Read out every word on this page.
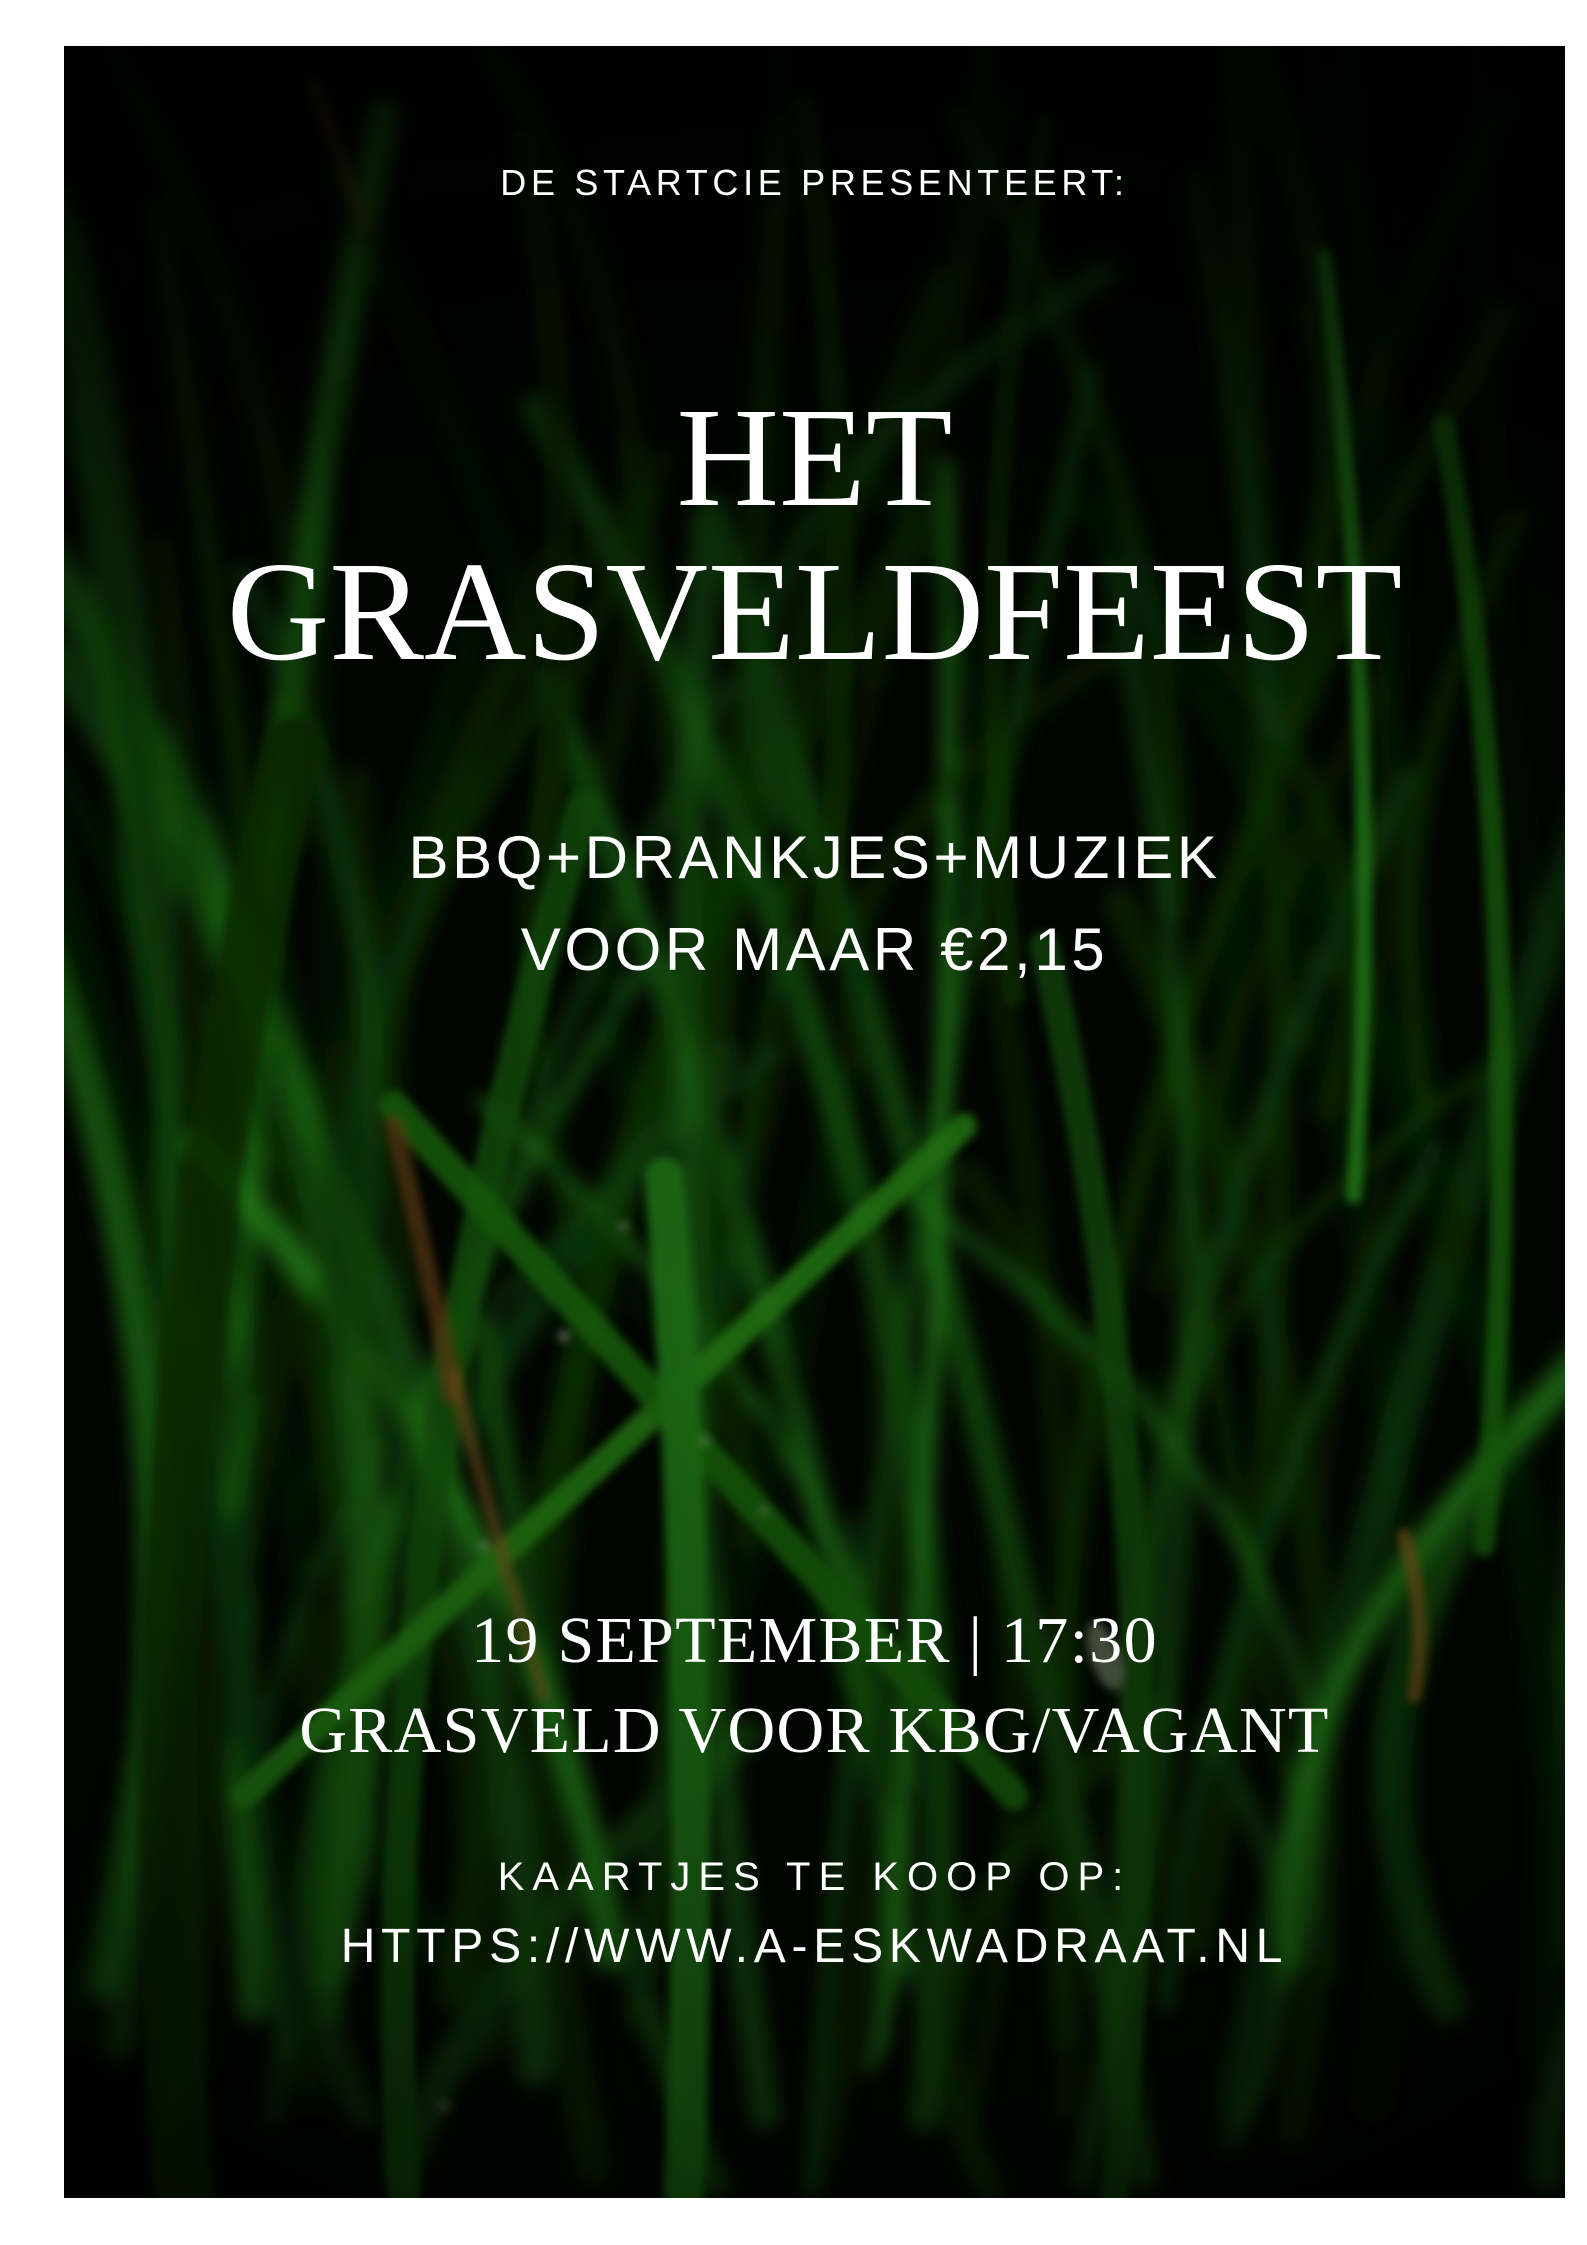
DE STARTCIE PRESENTEERT:
HET
GRASVELDFEEST
BBQ+DRANKJES+MUZIEK
VOOR MAAR €2,15
19 SEPTEMBER | 17:30
GRASVELD VOOR KBG/VAGANT
KAARTJES TE KOOP OP:
HTTPS://WWW.A-ESKWADRAAT.NL
